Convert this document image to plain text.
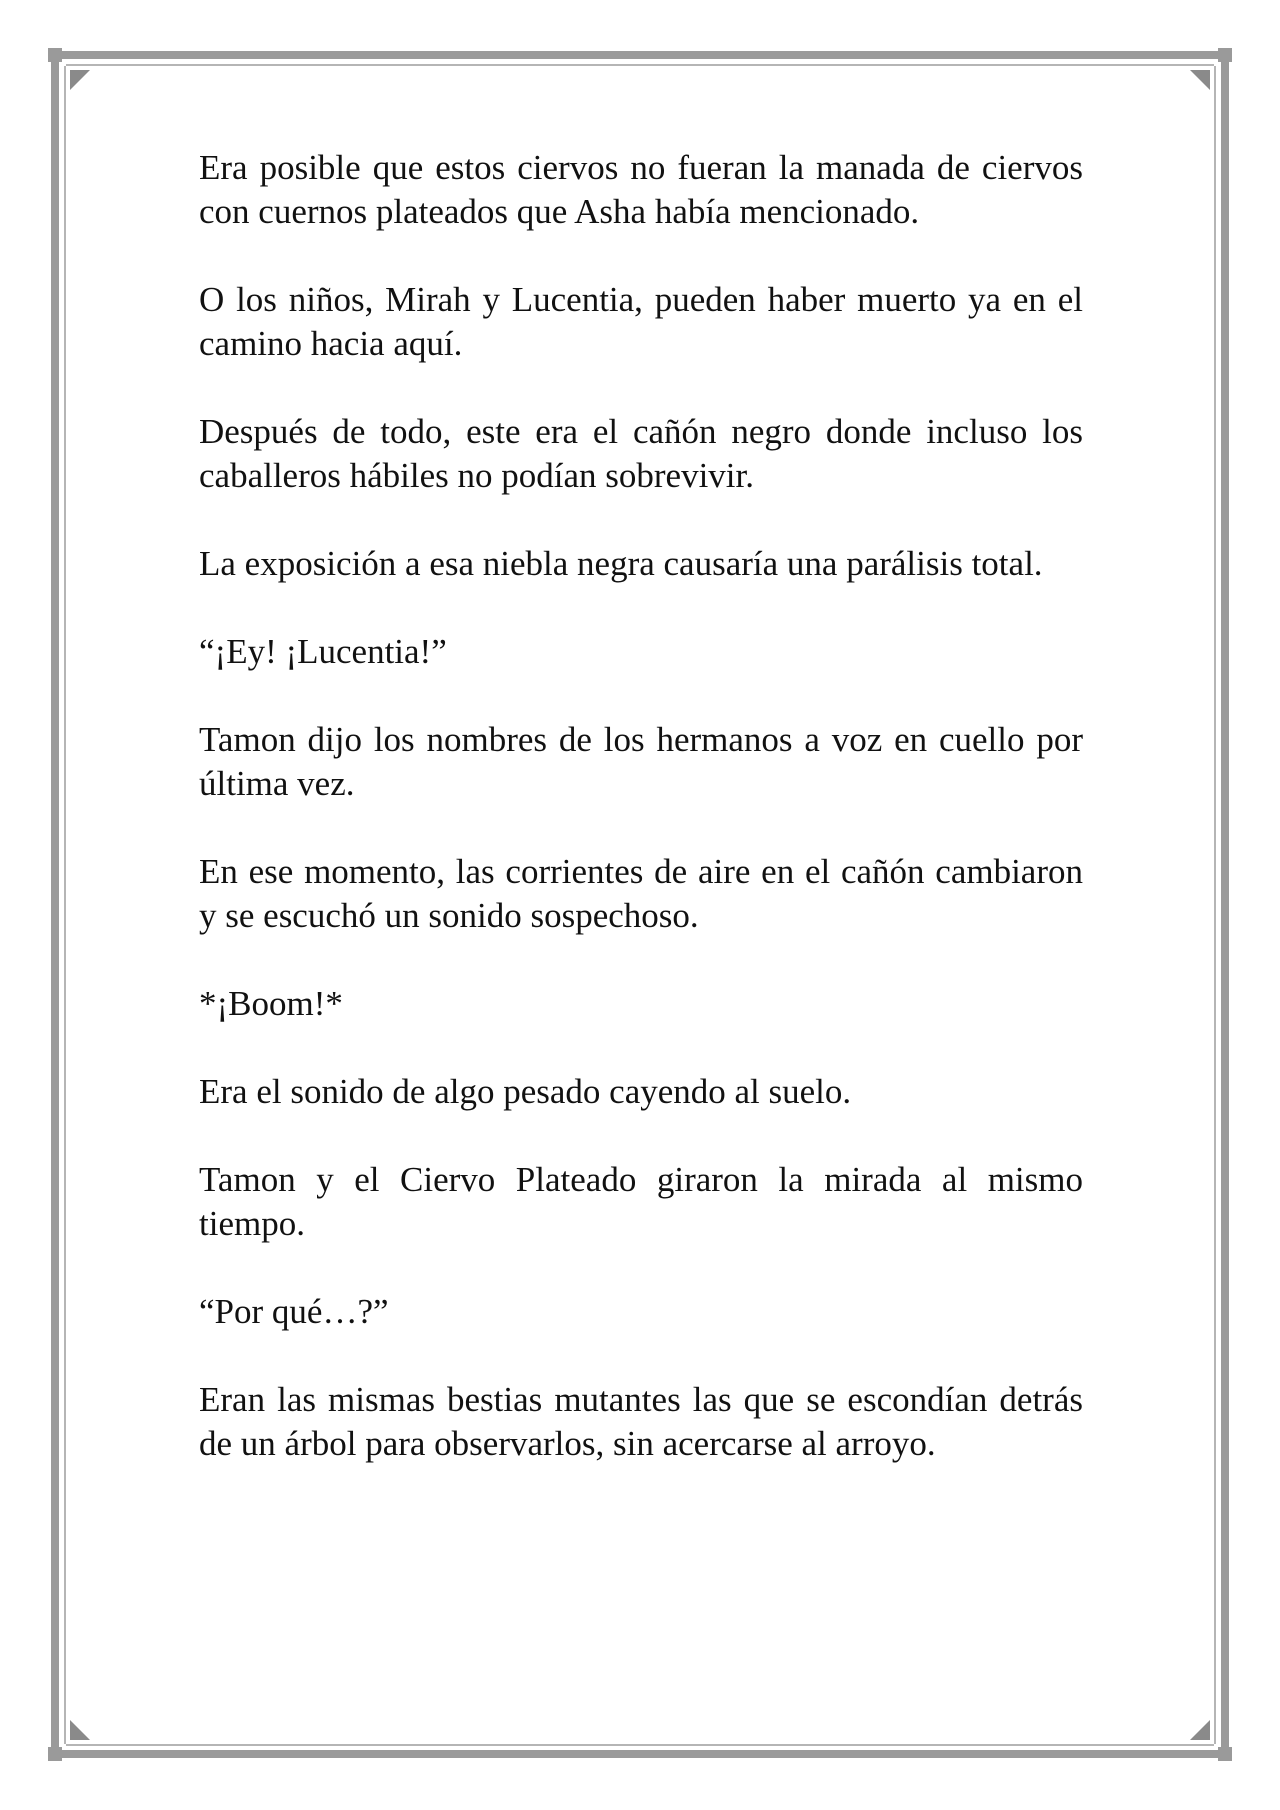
Era posible que estos ciervos no fueran la manada de ciervos con cuernos plateados que Asha había mencionado.

O los niños, Mirah y Lucentia, pueden haber muerto ya en el camino hacia aquí.

Después de todo, este era el cañón negro donde incluso los caballeros hábiles no podían sobrevivir.

La exposición a esa niebla negra causaría una parálisis total.

“¡Ey! ¡Lucentia!”

Tamon dijo los nombres de los hermanos a voz en cuello por última vez.

En ese momento, las corrientes de aire en el cañón cambiaron y se escuchó un sonido sospechoso.

*¡Boom!*

Era el sonido de algo pesado cayendo al suelo.

Tamon y el Ciervo Plateado giraron la mirada al mismo tiempo.

“Por qué…?”

Eran las mismas bestias mutantes las que se escondían detrás de un árbol para observarlos, sin acercarse al arroyo.
